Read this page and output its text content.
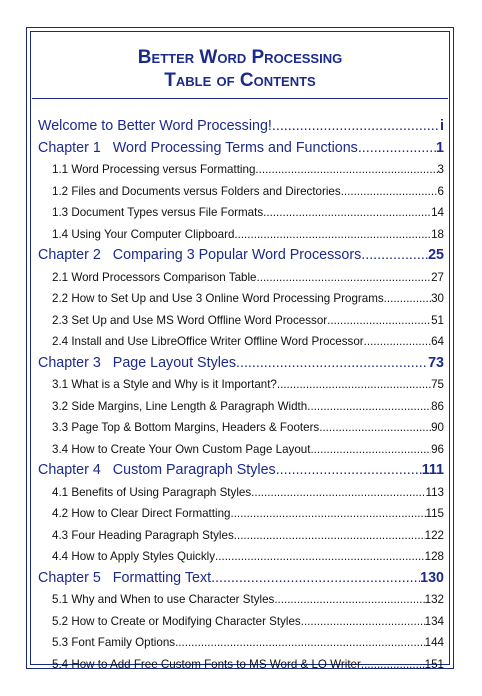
Better Word Processing
Table of Contents
Welcome to Better Word Processing! .....	i
Chapter 1 Word Processing Terms and Functions .....	1
1.1 Word Processing versus Formatting .....	3
1.2 Files and Documents versus Folders and Directories .....	6
1.3 Document Types versus File Formats .....	14
1.4 Using Your Computer Clipboard .....	18
Chapter 2 Comparing 3 Popular Word Processors .....	25
2.1 Word Processors Comparison Table .....	27
2.2 How to Set Up and Use 3 Online Word Processing Programs .....	30
2.3 Set Up and Use MS Word Offline Word Processor .....	51
2.4 Install and Use LibreOffice Writer Offline Word Processor .....	64
Chapter 3 Page Layout Styles .....	73
3.1 What is a Style and Why is it Important? .....	75
3.2 Side Margins, Line Length & Paragraph Width .....	86
3.3 Page Top & Bottom Margins, Headers & Footers .....	90
3.4 How to Create Your Own Custom Page Layout .....	96
Chapter 4 Custom Paragraph Styles .....	111
4.1 Benefits of Using Paragraph Styles .....	113
4.2 How to Clear Direct Formatting .....	115
4.3 Four Heading Paragraph Styles .....	122
4.4 How to Apply Styles Quickly .....	128
Chapter 5 Formatting Text .....	130
5.1 Why and When to use Character Styles .....	132
5.2 How to Create or Modifying Character Styles .....	134
5.3 Font Family Options .....	144
5.4 How to Add Free Custom Fonts to MS Word & LO Writer .....	151
